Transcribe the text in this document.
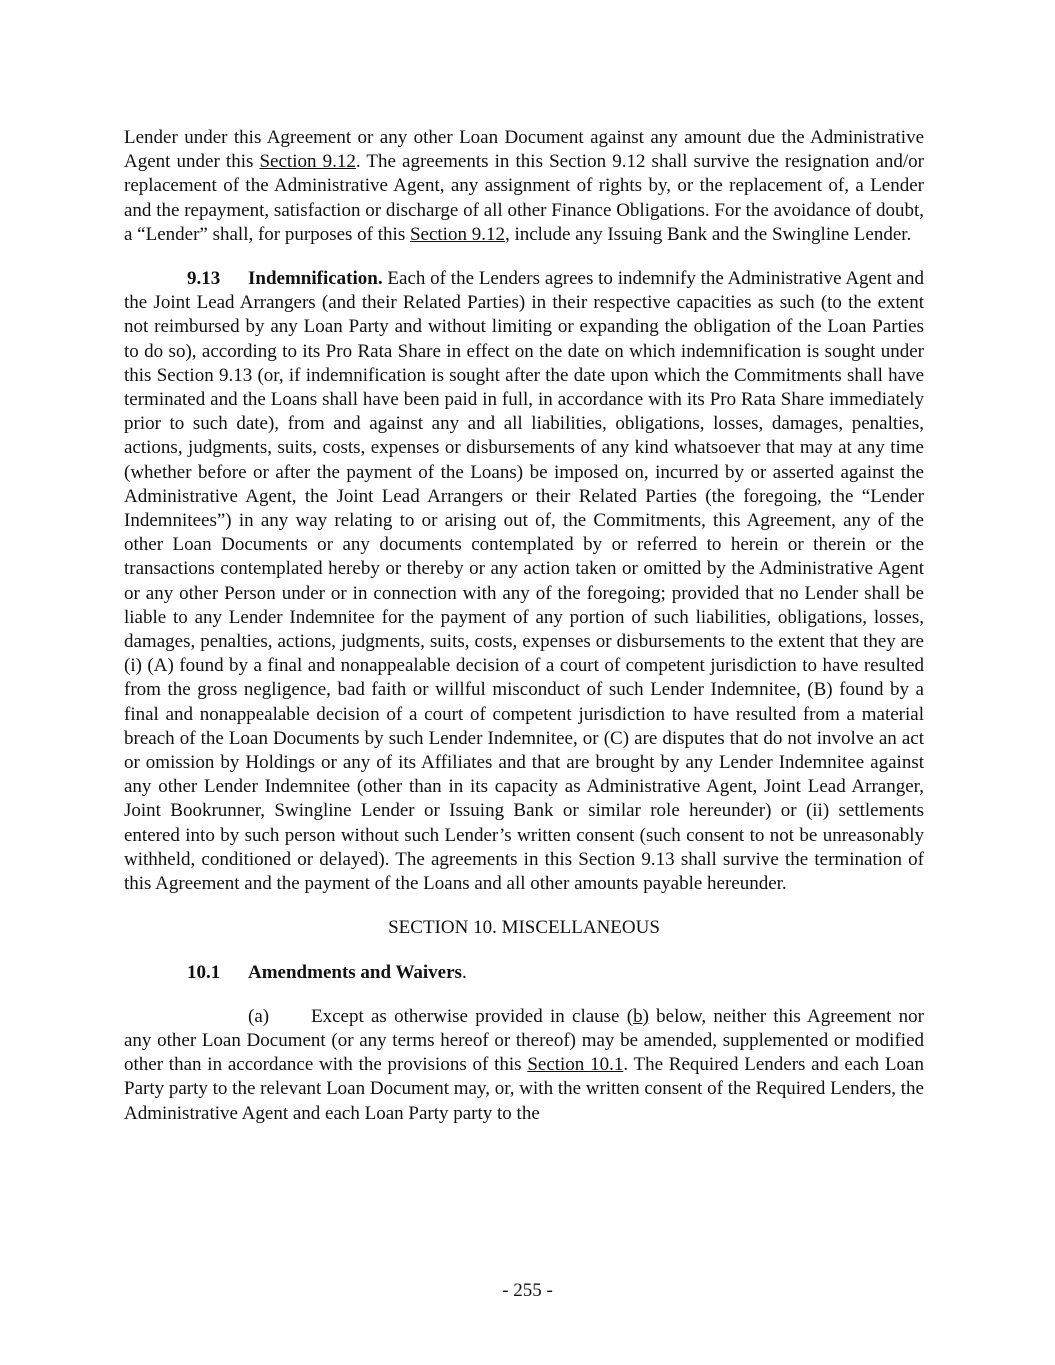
Lender under this Agreement or any other Loan Document against any amount due the Administrative Agent under this Section 9.12. The agreements in this Section 9.12 shall survive the resignation and/or replacement of the Administrative Agent, any assignment of rights by, or the replacement of, a Lender and the repayment, satisfaction or discharge of all other Finance Obligations. For the avoidance of doubt, a “Lender” shall, for purposes of this Section 9.12, include any Issuing Bank and the Swingline Lender.

9.13 Indemnification. Each of the Lenders agrees to indemnify the Administrative Agent and the Joint Lead Arrangers (and their Related Parties) in their respective capacities as such (to the extent not reimbursed by any Loan Party and without limiting or expanding the obligation of the Loan Parties to do so), according to its Pro Rata Share in effect on the date on which indemnification is sought under this Section 9.13 (or, if indemnification is sought after the date upon which the Commitments shall have terminated and the Loans shall have been paid in full, in accordance with its Pro Rata Share immediately prior to such date), from and against any and all liabilities, obligations, losses, damages, penalties, actions, judgments, suits, costs, expenses or disbursements of any kind whatsoever that may at any time (whether before or after the payment of the Loans) be imposed on, incurred by or asserted against the Administrative Agent, the Joint Lead Arrangers or their Related Parties (the foregoing, the “Lender Indemnitees”) in any way relating to or arising out of, the Commitments, this Agreement, any of the other Loan Documents or any documents contemplated by or referred to herein or therein or the transactions contemplated hereby or thereby or any action taken or omitted by the Administrative Agent or any other Person under or in connection with any of the foregoing; provided that no Lender shall be liable to any Lender Indemnitee for the payment of any portion of such liabilities, obligations, losses, damages, penalties, actions, judgments, suits, costs, expenses or disbursements to the extent that they are (i) (A) found by a final and nonappealable decision of a court of competent jurisdiction to have resulted from the gross negligence, bad faith or willful misconduct of such Lender Indemnitee, (B) found by a final and nonappealable decision of a court of competent jurisdiction to have resulted from a material breach of the Loan Documents by such Lender Indemnitee, or (C) are disputes that do not involve an act or omission by Holdings or any of its Affiliates and that are brought by any Lender Indemnitee against any other Lender Indemnitee (other than in its capacity as Administrative Agent, Joint Lead Arranger, Joint Bookrunner, Swingline Lender or Issuing Bank or similar role hereunder) or (ii) settlements entered into by such person without such Lender’s written consent (such consent to not be unreasonably withheld, conditioned or delayed). The agreements in this Section 9.13 shall survive the termination of this Agreement and the payment of the Loans and all other amounts payable hereunder.

SECTION 10. MISCELLANEOUS

10.1 Amendments and Waivers.

(a) Except as otherwise provided in clause (b) below, neither this Agreement nor any other Loan Document (or any terms hereof or thereof) may be amended, supplemented or modified other than in accordance with the provisions of this Section 10.1. The Required Lenders and each Loan Party party to the relevant Loan Document may, or, with the written consent of the Required Lenders, the Administrative Agent and each Loan Party party to the

- 255 -
